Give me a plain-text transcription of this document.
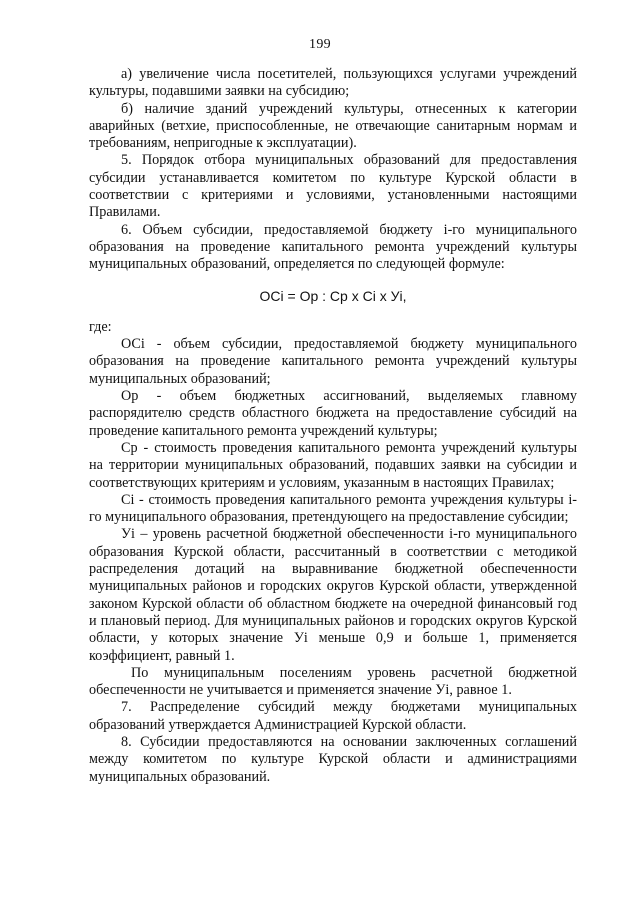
199

а) увеличение числа посетителей, пользующихся услугами учреждений культуры, подавшими заявки на субсидию;

б) наличие зданий учреждений культуры, отнесенных к категории аварийных (ветхие, приспособленные, не отвечающие санитарным нормам и требованиям, непригодные к эксплуатации).

5. Порядок отбора муниципальных образований для предоставления субсидии устанавливается комитетом по культуре Курской области в соответствии с критериями и условиями, установленными настоящими Правилами.

6. Объем субсидии, предоставляемой бюджету i-го муниципального образования на проведение капитального ремонта учреждений культуры муниципальных образований, определяется по следующей формуле:

ОСi = Ор : Ср х Сi х Уi,

где:

ОСi - объем субсидии, предоставляемой бюджету муниципального образования на проведение капитального ремонта учреждений культуры муниципальных образований;

Ор - объем бюджетных ассигнований, выделяемых главному распорядителю средств областного бюджета на предоставление субсидий на проведение капитального ремонта учреждений культуры;

Ср - стоимость проведения капитального ремонта учреждений культуры на территории муниципальных образований, подавших заявки на субсидии и соответствующих критериям и условиям, указанным в настоящих Правилах;

Сi - стоимость проведения капитального ремонта учреждения культуры i-го муниципального образования, претендующего на предоставление субсидии;

Уi – уровень расчетной бюджетной обеспеченности i-го муниципального образования Курской области, рассчитанный в соответствии с методикой распределения дотаций на выравнивание бюджетной обеспеченности муниципальных районов и городских округов Курской области, утвержденной законом Курской области об областном бюджете на очередной финансовый год и плановый период. Для муниципальных районов и городских округов Курской области, у которых значение Уi меньше 0,9 и больше 1, применяется коэффициент, равный 1.

По муниципальным поселениям уровень расчетной бюджетной обеспеченности не учитывается и применяется значение Уi, равное 1.

7. Распределение субсидий между бюджетами муниципальных образований утверждается Администрацией Курской области.

8. Субсидии предоставляются на основании заключенных соглашений между комитетом по культуре Курской области и администрациями муниципальных образований.
